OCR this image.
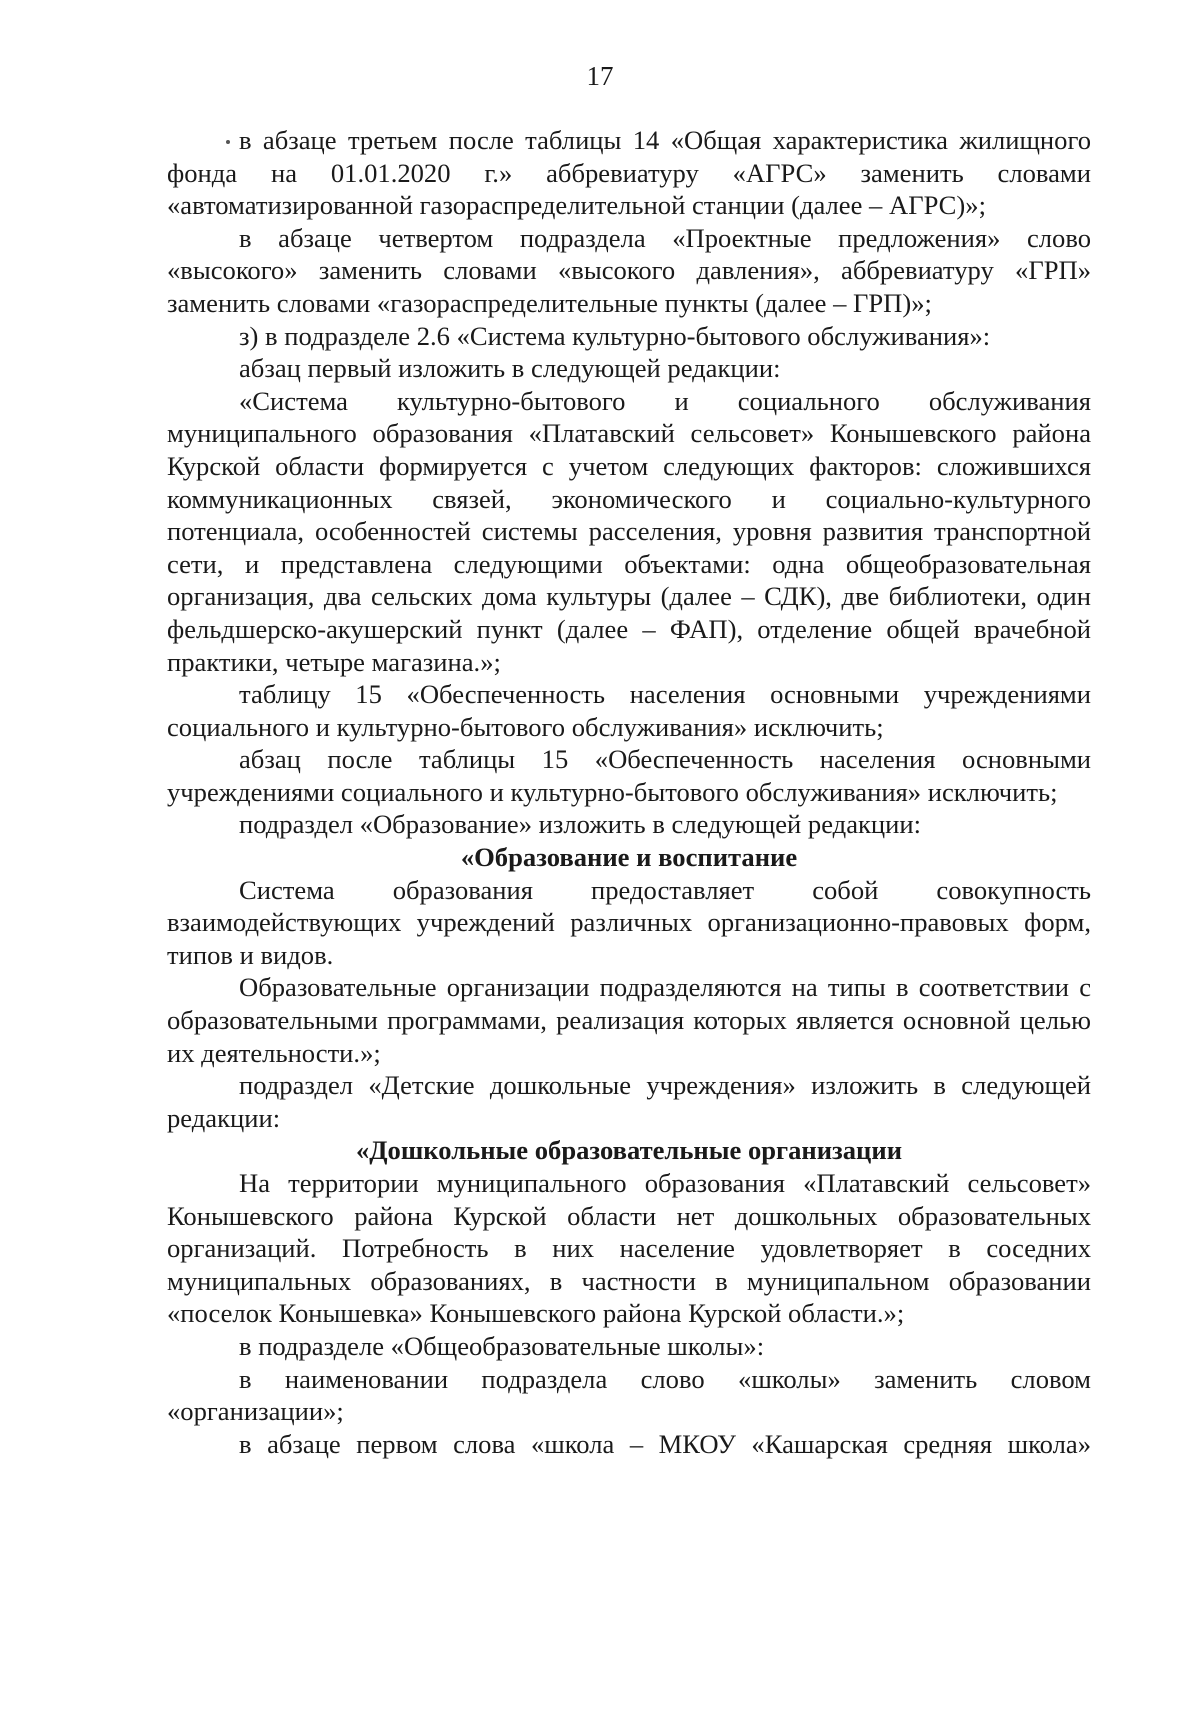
17

в абзаце третьем после таблицы 14 «Общая характеристика жилищного фонда на 01.01.2020 г.» аббревиатуру «АГРС» заменить словами «автоматизированной газораспределительной станции (далее – АГРС)»;

в абзаце четвертом подраздела «Проектные предложения» слово «высокого» заменить словами «высокого давления», аббревиатуру «ГРП» заменить словами «газораспределительные пункты (далее – ГРП)»;

з) в подразделе 2.6 «Система культурно-бытового обслуживания»:

абзац первый изложить в следующей редакции:

«Система культурно-бытового и социального обслуживания муниципального образования «Платавский сельсовет» Конышевского района Курской области формируется с учетом следующих факторов: сложившихся коммуникационных связей, экономического и социально-культурного потенциала, особенностей системы расселения, уровня развития транспортной сети, и представлена следующими объектами: одна общеобразовательная организация, два сельских дома культуры (далее – СДК), две библиотеки, один фельдшерско-акушерский пункт (далее – ФАП), отделение общей врачебной практики, четыре магазина.»;

таблицу 15 «Обеспеченность населения основными учреждениями социального и культурно-бытового обслуживания» исключить;

абзац после таблицы 15 «Обеспеченность населения основными учреждениями социального и культурно-бытового обслуживания» исключить;

подраздел «Образование» изложить в следующей редакции:

«Образование и воспитание

Система образования предоставляет собой совокупность взаимодействующих учреждений различных организационно-правовых форм, типов и видов.

Образовательные организации подразделяются на типы в соответствии с образовательными программами, реализация которых является основной целью их деятельности.»;

подраздел «Детские дошкольные учреждения» изложить в следующей редакции:

«Дошкольные образовательные организации

На территории муниципального образования «Платавский сельсовет» Конышевского района Курской области нет дошкольных образовательных организаций. Потребность в них население удовлетворяет в соседних муниципальных образованиях, в частности в муниципальном образовании «поселок Конышевка» Конышевского района Курской области.»;

в подразделе «Общеобразовательные школы»:

в наименовании подраздела слово «школы» заменить словом «организации»;

в абзаце первом слова «школа – МКОУ «Кашарская средняя школа»
